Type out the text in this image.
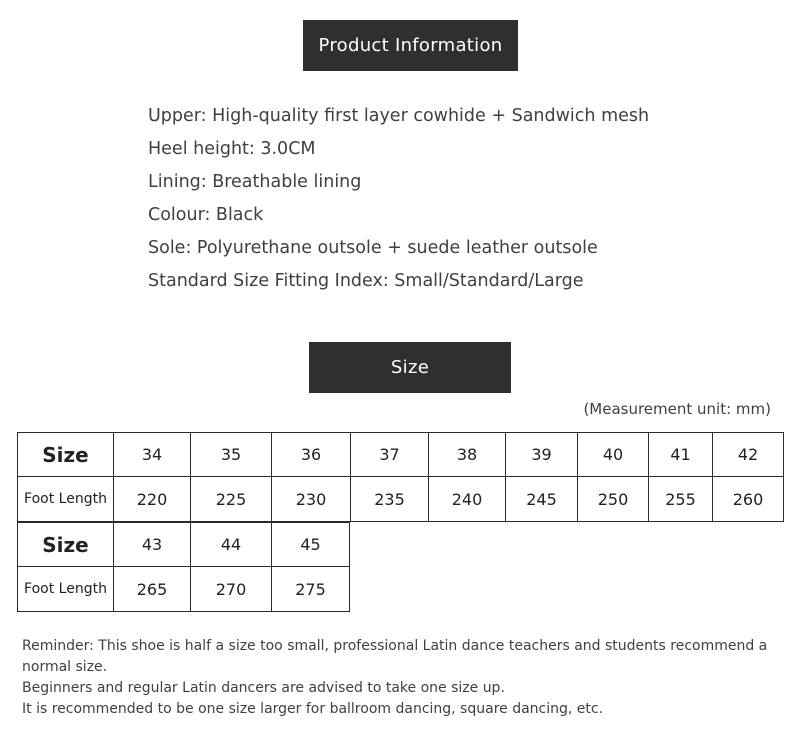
Product Information
Upper: High-quality first layer cowhide + Sandwich mesh
Heel height: 3.0CM
Lining: Breathable lining
Colour: Black
Sole: Polyurethane outsole + suede leather outsole
Standard Size Fitting Index: Small/Standard/Large
Size
(Measurement unit: mm)
Size	34	35	36	37	38	39	40	41	42
Foot Length	220	225	230	235	240	245	250	255	260
Size	43	44	45
Foot Length	265	270	275

Reminder: This shoe is half a size too small, professional Latin dance teachers and students recommend a normal size.

Beginners and regular Latin dancers are advised to take one size up.

It is recommended to be one size larger for ballroom dancing, square dancing, etc.
